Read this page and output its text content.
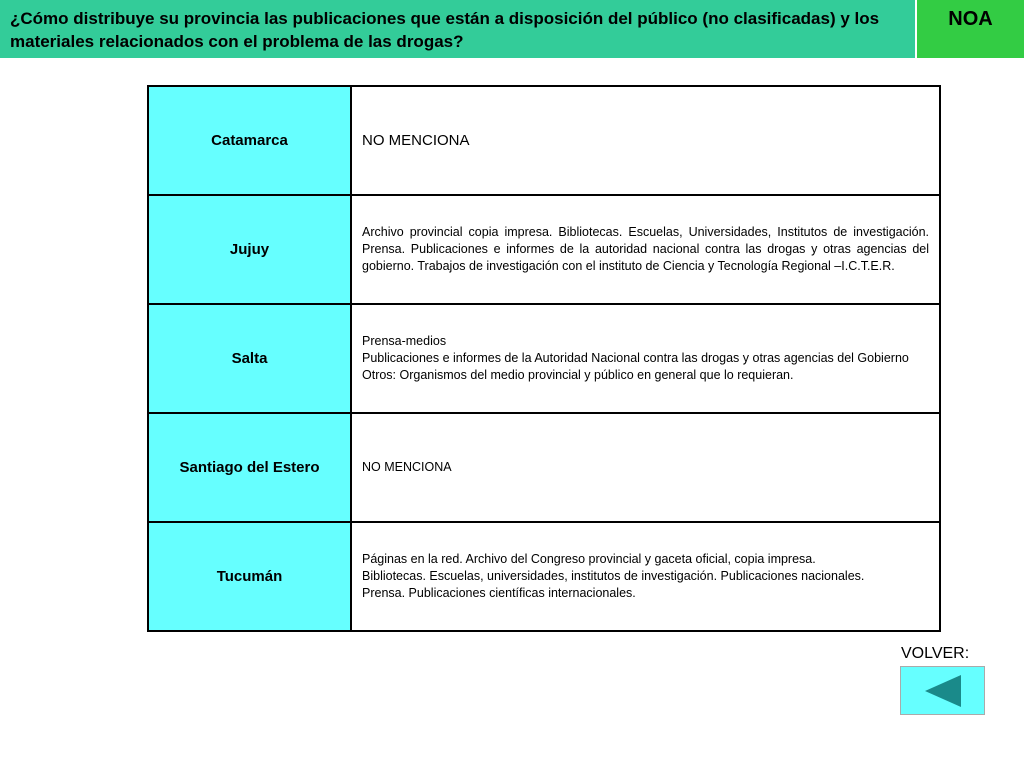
¿Cómo distribuye su provincia las publicaciones que están a disposición del público (no clasificadas) y los materiales relacionados con el problema de las drogas?
NOA
Catamarca	NO MENCIONA

Jujuy	Archivo provincial copia impresa. Bibliotecas. Escuelas, Universidades, Institutos de investigación. Prensa. Publicaciones e informes de la autoridad nacional contra las drogas y otras agencias del gobierno. Trabajos de investigación con el instituto de Ciencia y Tecnología Regional –I.C.T.E.R.

Salta	Prensa-medios
Publicaciones e informes de la Autoridad Nacional contra las drogas y otras agencias del Gobierno
Otros: Organismos del medio provincial y público en general que lo requieran.

Santiago del Estero	NO MENCIONA

Tucumán	Páginas en la red. Archivo del Congreso provincial y gaceta oficial, copia impresa.
Bibliotecas. Escuelas, universidades, institutos de investigación. Publicaciones nacionales.
Prensa. Publicaciones científicas internacionales.
VOLVER:
